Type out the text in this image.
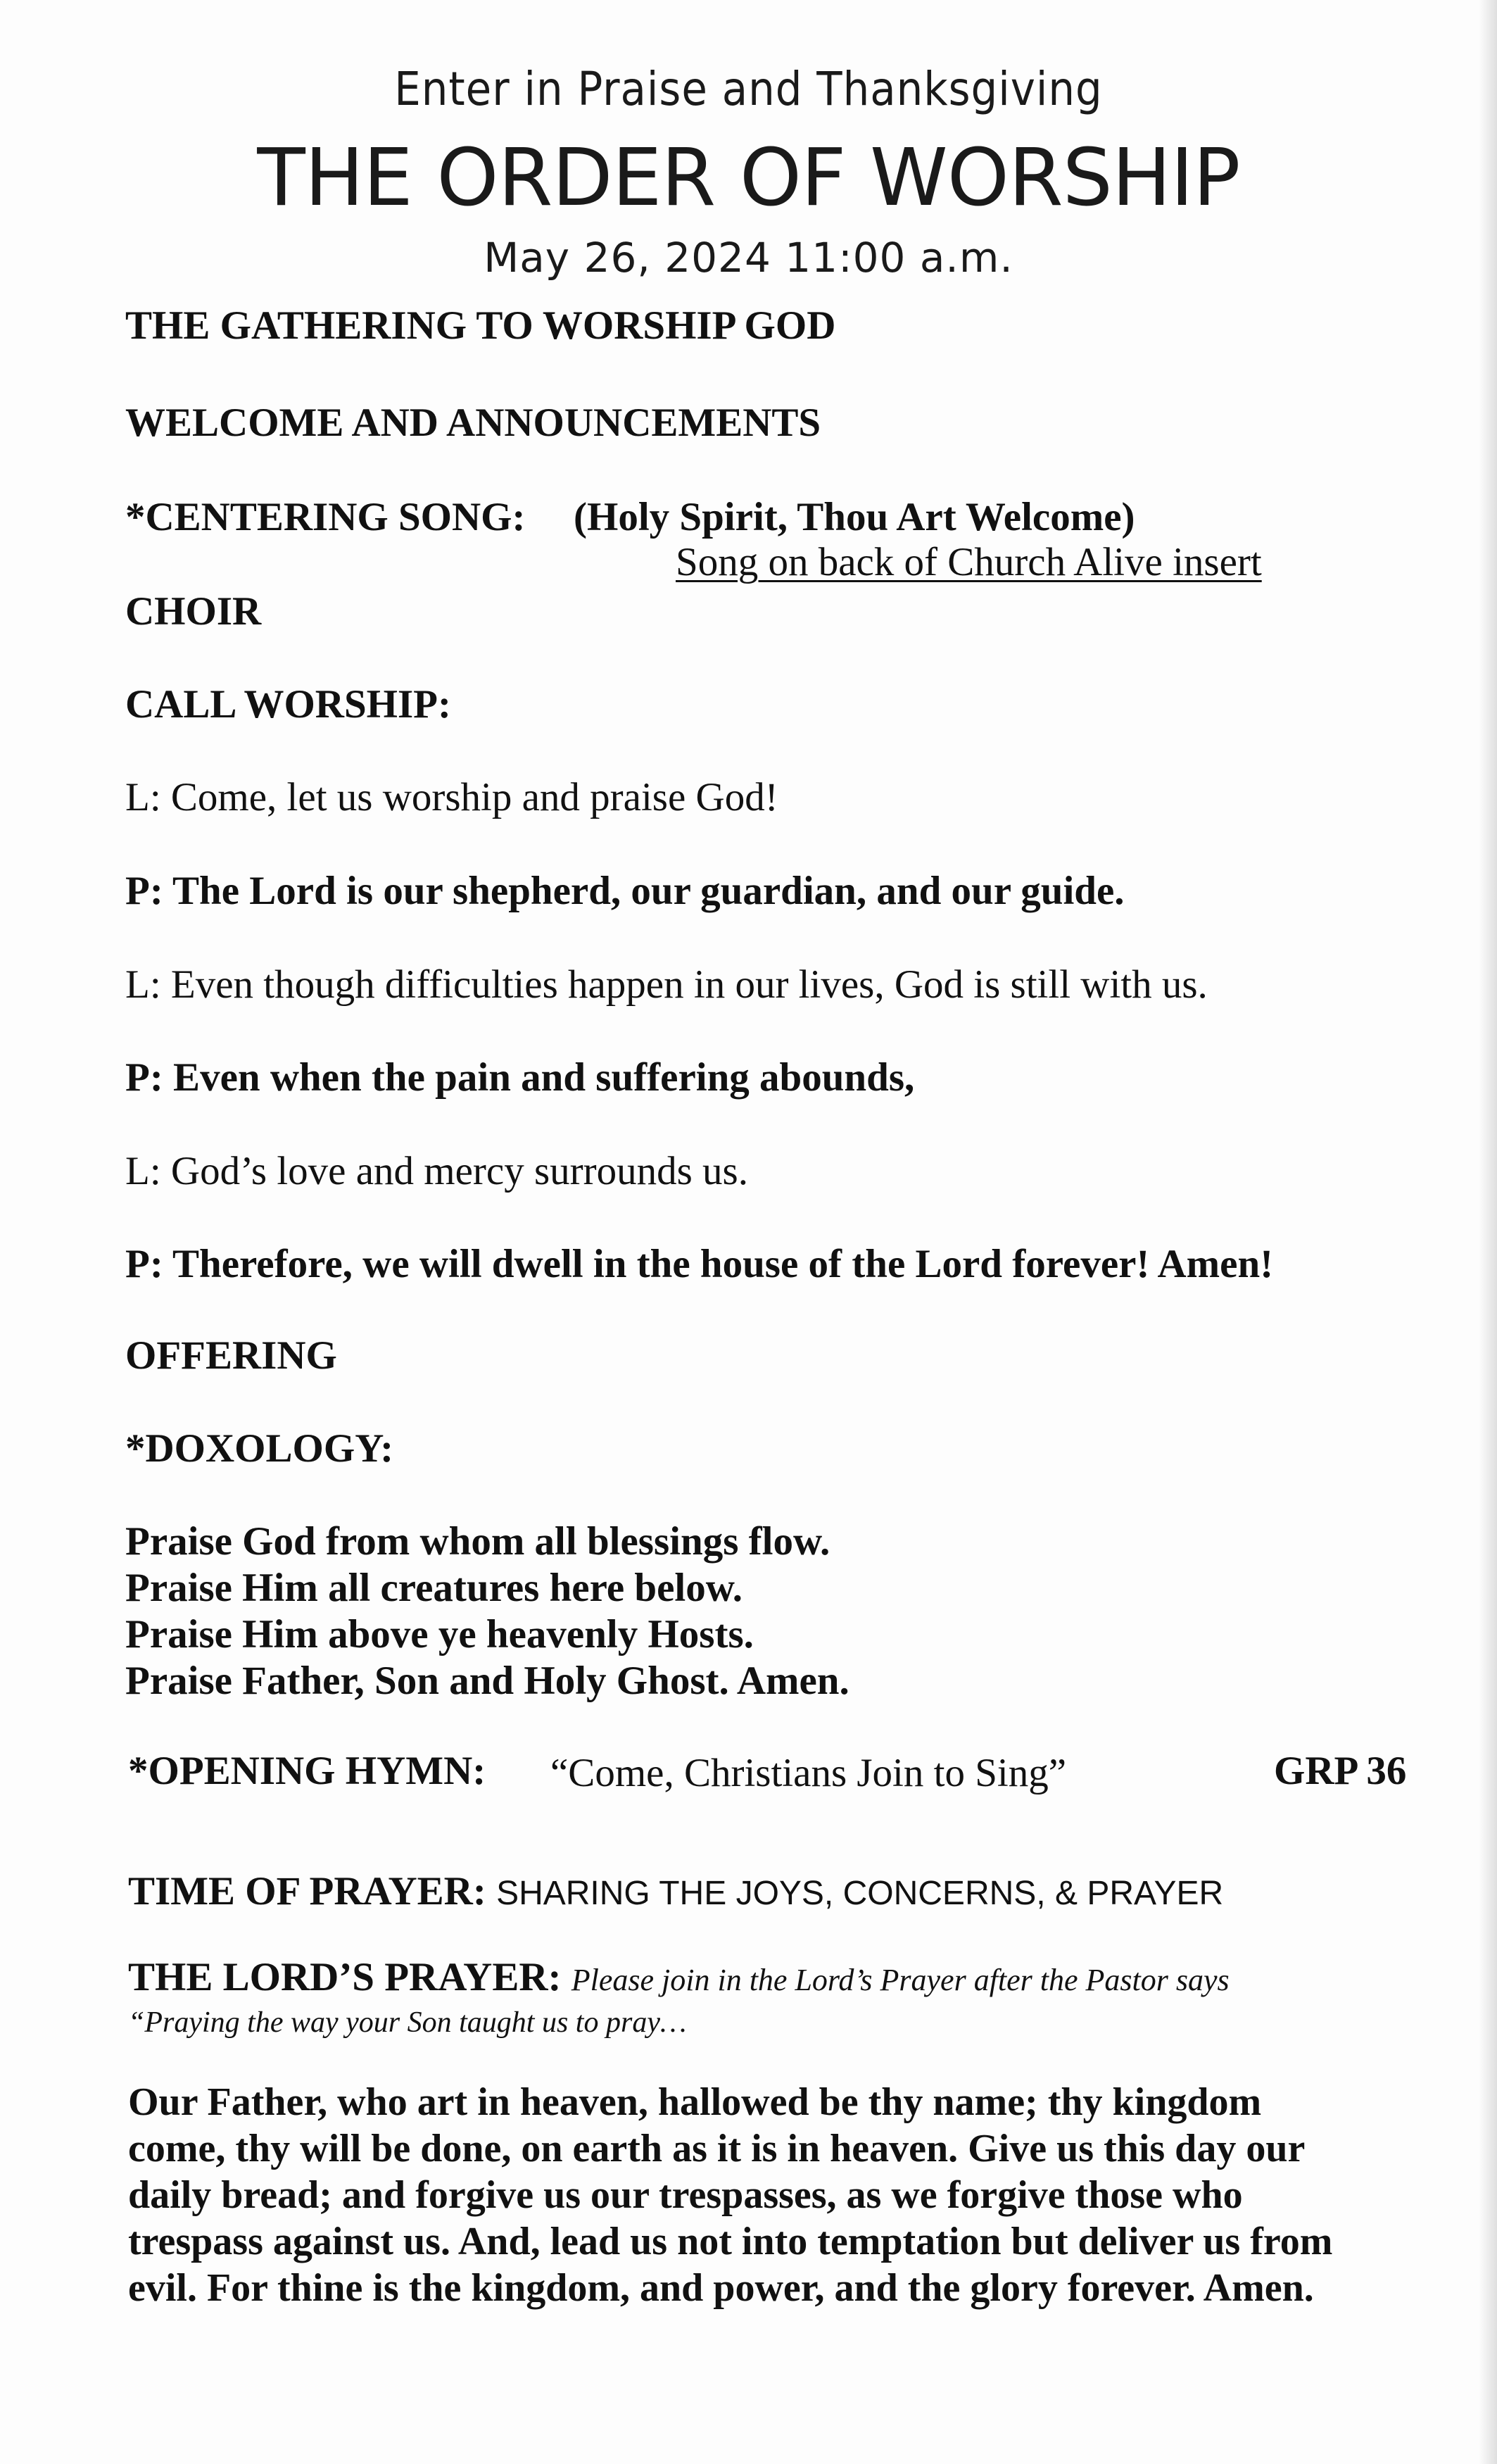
Enter in Praise and Thanksgiving
THE ORDER OF WORSHIP
May 26, 2024 11:00 a.m.
THE GATHERING TO WORSHIP GOD
WELCOME AND ANNOUNCEMENTS
*CENTERING SONG: (Holy Spirit, Thou Art Welcome)
Song on back of Church Alive insert
CHOIR
CALL WORSHIP:
L: Come, let us worship and praise God!
P: The Lord is our shepherd, our guardian, and our guide.
L: Even though difficulties happen in our lives, God is still with us.
P: Even when the pain and suffering abounds,
L: God’s love and mercy surrounds us.
P: Therefore, we will dwell in the house of the Lord forever! Amen!
OFFERING
*DOXOLOGY:
Praise God from whom all blessings flow.
Praise Him all creatures here below.
Praise Him above ye heavenly Hosts.
Praise Father, Son and Holy Ghost. Amen.
*OPENING HYMN: “Come, Christians Join to Sing”	GRP 36
TIME OF PRAYER: SHARING THE JOYS, CONCERNS, & PRAYER
THE LORD’S PRAYER: Please join in the Lord’s Prayer after the Pastor says
“Praying the way your Son taught us to pray…
Our Father, who art in heaven, hallowed be thy name; thy kingdom
come, thy will be done, on earth as it is in heaven. Give us this day our
daily bread; and forgive us our trespasses, as we forgive those who
trespass against us. And, lead us not into temptation but deliver us from
evil. For thine is the kingdom, and power, and the glory forever. Amen.
